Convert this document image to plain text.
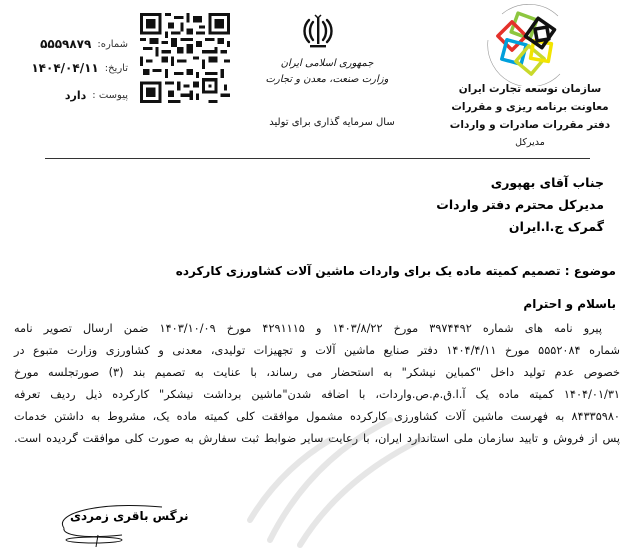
شماره:
۵۵۵۹۸۷۹
تاریخ:
۱۴۰۴/۰۴/۱۱
پیوست :
دارد
جمهوری اسلامی ایران
وزارت صنعت، معدن و تجارت
سال سرمایه گذاری برای تولید
سازمان توسعه تجارت ایران
معاونت برنامه ریزی و مقررات
دفتر مقررات صادرات و واردات
مدیرکل
جناب آقای بهپوری
مدیرکل محترم دفتر واردات
گمرک ج.ا.ایران
موضوع : تصمیم کمیته ماده یک برای واردات ماشین آلات کشاورزی کارکرده
باسلام و احترام
پیرو نامه های شماره ۳۹۷۴۴۹۲ مورخ ۱۴۰۳/۸/۲۲ و ۴۲۹۱۱۱۵ مورخ ۱۴۰۳/۱۰/۰۹ ضمن ارسال تصویر نامه
شماره ۵۵۵۲۰۸۴ مورخ ۱۴۰۴/۴/۱۱ دفتر صنایع ماشین آلات و تجهیزات تولیدی، معدنی و کشاورزی وزارت متبوع در
خصوص عدم تولید داخل "کمباین نیشکر" به استحضار می رساند، با عنایت به تصمیم بند (۳) صورتجلسه مورخ
۱۴۰۴/۰۱/۳۱ کمیته ماده یک آ.ا.ق.م.ص.واردات، با اضافه شدن"ماشین برداشت نیشکر" کارکرده ذیل ردیف تعرفه
۸۴۳۳۵۹۸۰ به فهرست ماشین آلات کشاورزی کارکرده مشمول موافقت کلی کمیته ماده یک، مشروط به داشتن خدمات
پس از فروش و تایید سازمان ملی استاندارد ایران، با رعایت سایر ضوابط ثبت سفارش به صورت کلی موافقت گردیده است.
نرگس باقری زمردی
